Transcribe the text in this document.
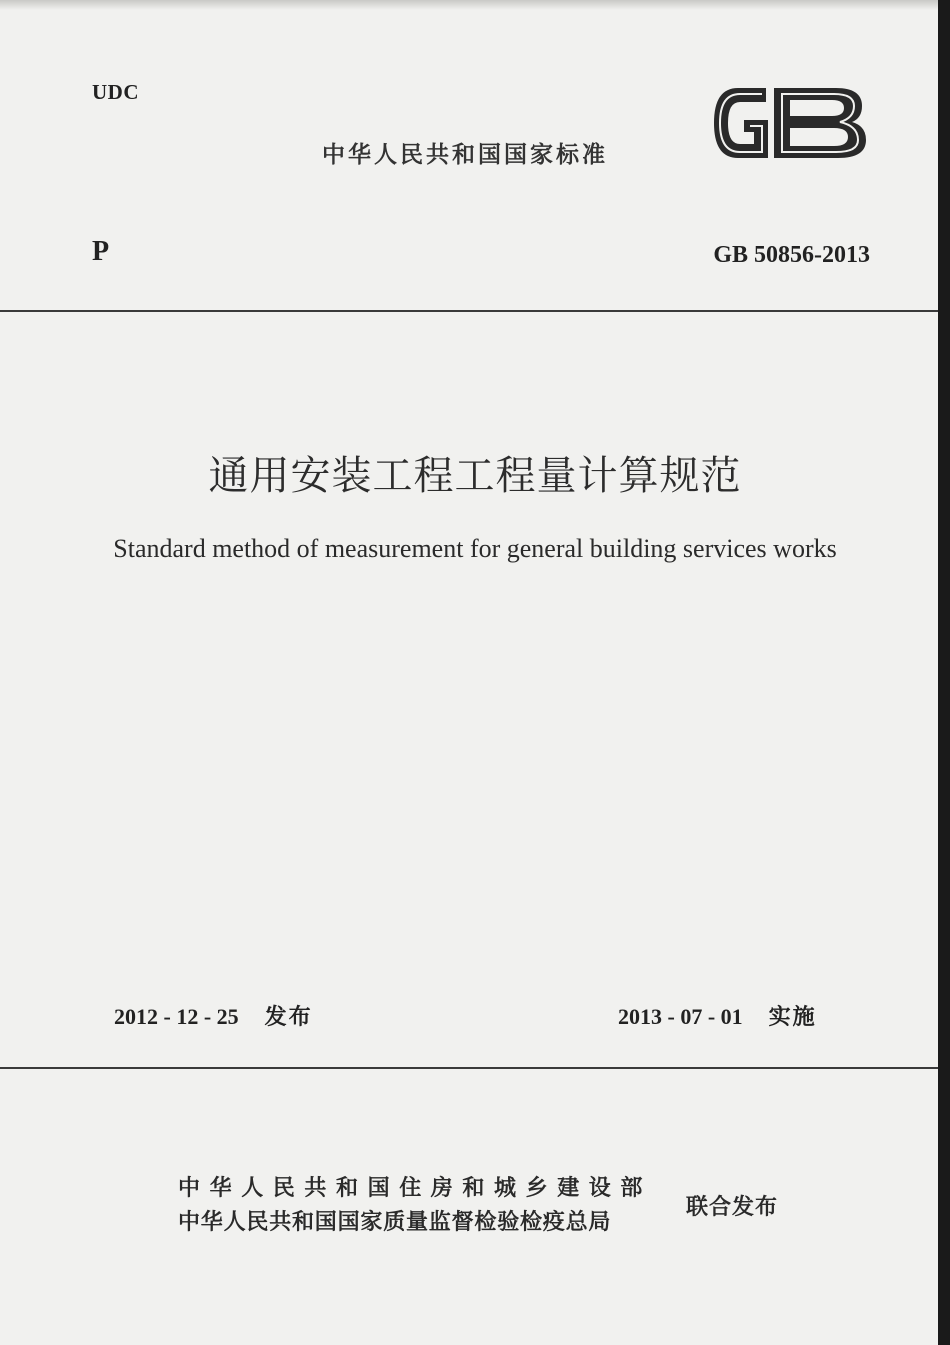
UDC
中华人民共和国国家标准
P	GB 50856-2013
通用安装工程工程量计算规范
Standard method of measurement for general building services works
2012 - 12 - 25 发布	2013 - 07 - 01 实施
中华人民共和国住房和城乡建设部
中华人民共和国国家质量监督检验检疫总局
联合发布
